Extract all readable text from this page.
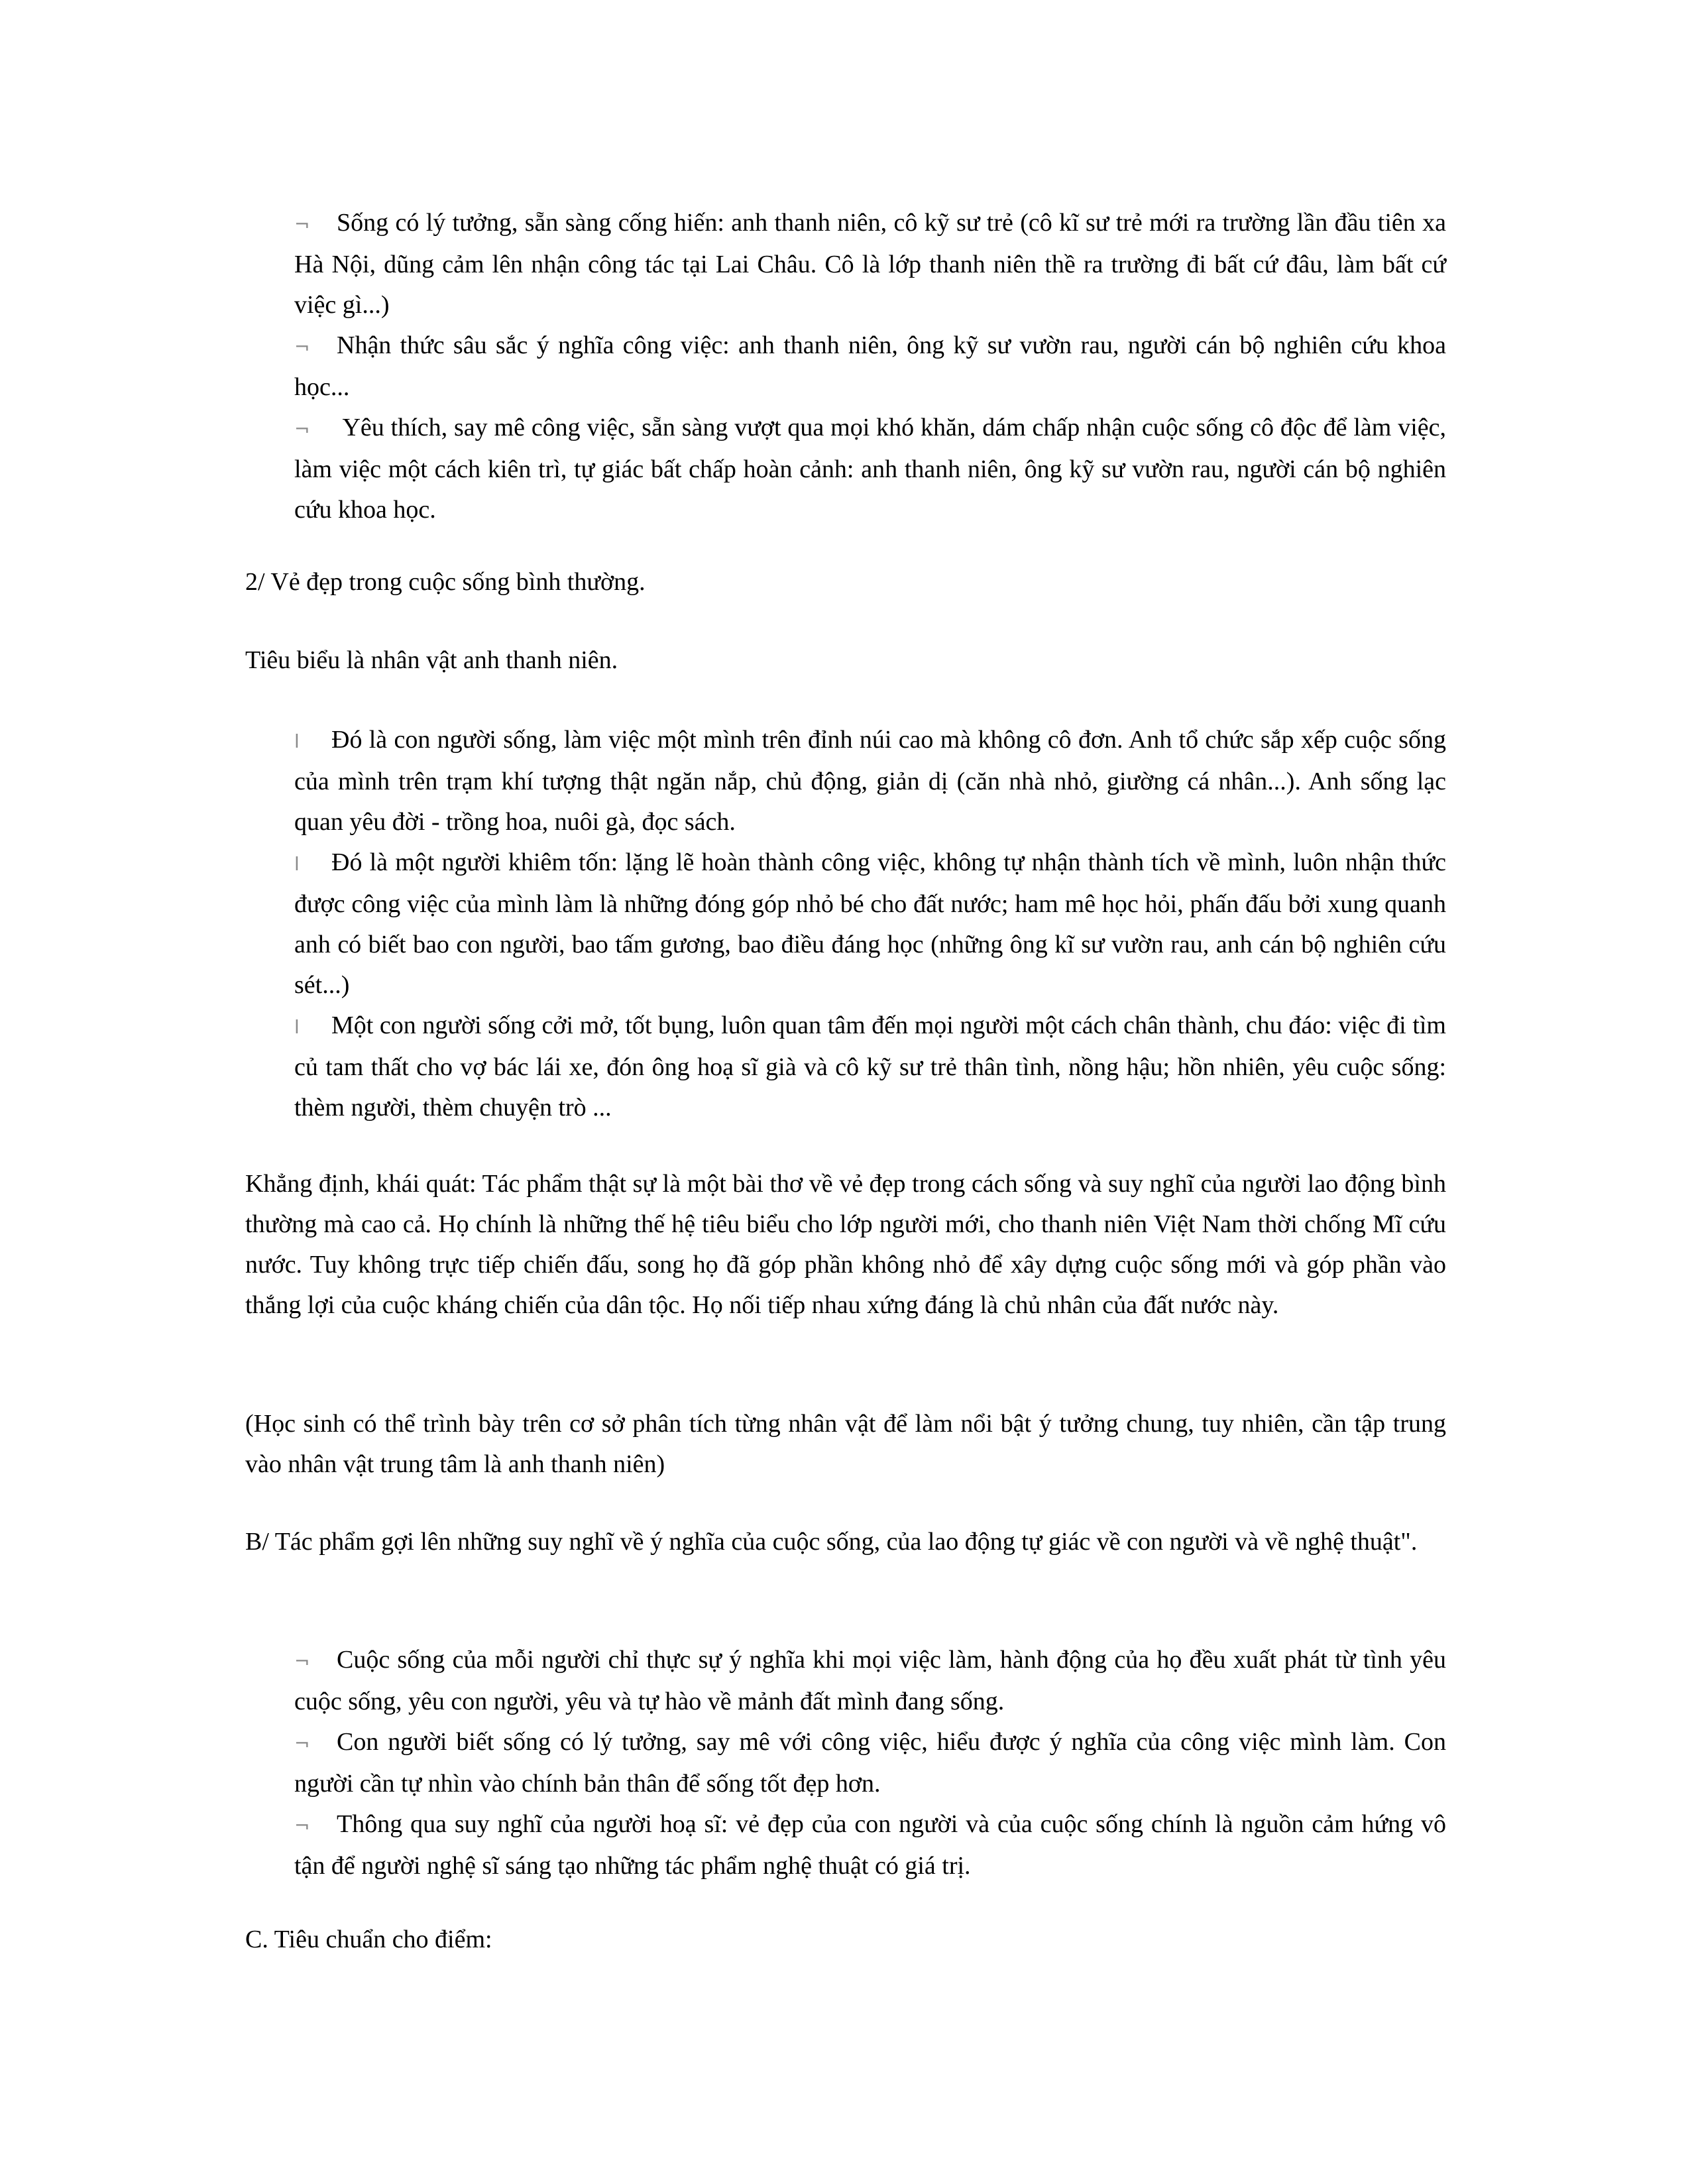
¬ Sống có lý tưởng, sẵn sàng cống hiến: anh thanh niên, cô kỹ sư trẻ (cô kĩ sư trẻ mới ra trường lần đầu tiên xa Hà Nội, dũng cảm lên nhận công tác tại Lai Châu. Cô là lớp thanh niên thề ra trường đi bất cứ đâu, làm bất cứ việc gì...)

¬ Nhận thức sâu sắc ý nghĩa công việc: anh thanh niên, ông kỹ sư vườn rau, người cán bộ nghiên cứu khoa học...

¬ Yêu thích, say mê công việc, sẵn sàng vượt qua mọi khó khăn, dám chấp nhận cuộc sống cô độc để làm việc, làm việc một cách kiên trì, tự giác bất chấp hoàn cảnh: anh thanh niên, ông kỹ sư vườn rau, người cán bộ nghiên cứu khoa học.

2/ Vẻ đẹp trong cuộc sống bình thường.
Tiêu biểu là nhân vật anh thanh niên.

l Đó là con người sống, làm việc một mình trên đỉnh núi cao mà không cô đơn. Anh tổ chức sắp xếp cuộc sống của mình trên trạm khí tượng thật ngăn nắp, chủ động, giản dị (căn nhà nhỏ, giường cá nhân...). Anh sống lạc quan yêu đời - trồng hoa, nuôi gà, đọc sách.

l Đó là một người khiêm tốn: lặng lẽ hoàn thành công việc, không tự nhận thành tích về mình, luôn nhận thức được công việc của mình làm là những đóng góp nhỏ bé cho đất nước; ham mê học hỏi, phấn đấu bởi xung quanh anh có biết bao con người, bao tấm gương, bao điều đáng học (những ông kĩ sư vườn rau, anh cán bộ nghiên cứu sét...)

l Một con người sống cởi mở, tốt bụng, luôn quan tâm đến mọi người một cách chân thành, chu đáo: việc đi tìm củ tam thất cho vợ bác lái xe, đón ông hoạ sĩ già và cô kỹ sư trẻ thân tình, nồng hậu; hồn nhiên, yêu cuộc sống: thèm người, thèm chuyện trò ...

Khẳng định, khái quát: Tác phẩm thật sự là một bài thơ về vẻ đẹp trong cách sống và suy nghĩ của người lao động bình thường mà cao cả. Họ chính là những thế hệ tiêu biểu cho lớp người mới, cho thanh niên Việt Nam thời chống Mĩ cứu nước. Tuy không trực tiếp chiến đấu, song họ đã góp phần không nhỏ để xây dựng cuộc sống mới và góp phần vào thắng lợi của cuộc kháng chiến của dân tộc. Họ nối tiếp nhau xứng đáng là chủ nhân của đất nước này.
(Học sinh có thể trình bày trên cơ sở phân tích từng nhân vật để làm nổi bật ý tưởng chung, tuy nhiên, cần tập trung vào nhân vật trung tâm là anh thanh niên)
B/ Tác phẩm gợi lên những suy nghĩ về ý nghĩa của cuộc sống, của lao động tự giác về con người và về nghệ thuật".

¬ Cuộc sống của mỗi người chỉ thực sự ý nghĩa khi mọi việc làm, hành động của họ đều xuất phát từ tình yêu cuộc sống, yêu con người, yêu và tự hào về mảnh đất mình đang sống.

¬ Con người biết sống có lý tưởng, say mê với công việc, hiểu được ý nghĩa của công việc mình làm. Con người cần tự nhìn vào chính bản thân để sống tốt đẹp hơn.

¬ Thông qua suy nghĩ của người hoạ sĩ: vẻ đẹp của con người và của cuộc sống chính là nguồn cảm hứng vô tận để người nghệ sĩ sáng tạo những tác phẩm nghệ thuật có giá trị.

C. Tiêu chuẩn cho điểm:
